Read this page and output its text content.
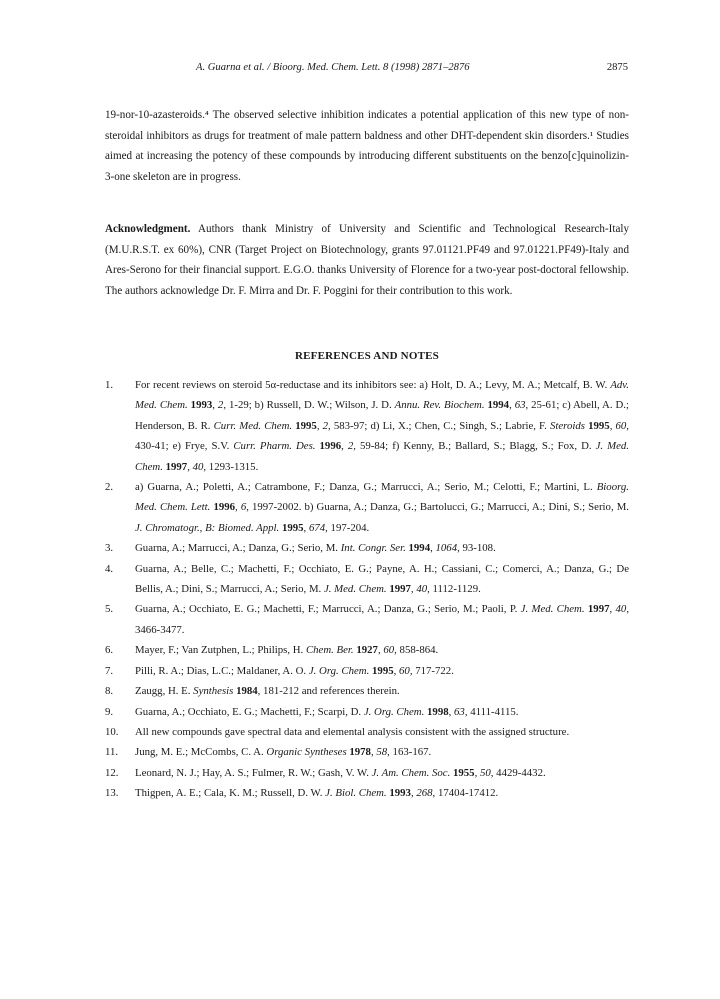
A. Guarna et al. / Bioorg. Med. Chem. Lett. 8 (1998) 2871–2876	2875

19-nor-10-azasteroids.⁴ The observed selective inhibition indicates a potential application of this new type of non-steroidal inhibitors as drugs for treatment of male pattern baldness and other DHT-dependent skin disorders.¹ Studies aimed at increasing the potency of these compounds by introducing different substituents on the benzo[c]quinolizin-3-one skeleton are in progress.

Acknowledgment. Authors thank Ministry of University and Scientific and Technological Research-Italy (M.U.R.S.T. ex 60%), CNR (Target Project on Biotechnology, grants 97.01121.PF49 and 97.01221.PF49)-Italy and Ares-Serono for their financial support. E.G.O. thanks University of Florence for a two-year post-doctoral fellowship. The authors acknowledge Dr. F. Mirra and Dr. F. Poggini for their contribution to this work.

REFERENCES AND NOTES
1.	For recent reviews on steroid 5α-reductase and its inhibitors see: a) Holt, D. A.; Levy, M. A.; Metcalf, B. W. Adv. Med. Chem. 1993, 2, 1-29; b) Russell, D. W.; Wilson, J. D. Annu. Rev. Biochem. 1994, 63, 25-61; c) Abell, A. D.; Henderson, B. R. Curr. Med. Chem. 1995, 2, 583-97; d) Li, X.; Chen, C.; Singh, S.; Labrie, F. Steroids 1995, 60, 430-41; e) Frye, S.V. Curr. Pharm. Des. 1996, 2, 59-84; f) Kenny, B.; Ballard, S.; Blagg, S.; Fox, D. J. Med. Chem. 1997, 40, 1293-1315.
2.	a) Guarna, A.; Poletti, A.; Catrambone, F.; Danza, G.; Marrucci, A.; Serio, M.; Celotti, F.; Martini, L. Bioorg. Med. Chem. Lett. 1996, 6, 1997-2002. b) Guarna, A.; Danza, G.; Bartolucci, G.; Marrucci, A.; Dini, S.; Serio, M. J. Chromatogr., B: Biomed. Appl. 1995, 674, 197-204.
3.	Guarna, A.; Marrucci, A.; Danza, G.; Serio, M. Int. Congr. Ser. 1994, 1064, 93-108.
4.	Guarna, A.; Belle, C.; Machetti, F.; Occhiato, E. G.; Payne, A. H.; Cassiani, C.; Comerci, A.; Danza, G.; De Bellis, A.; Dini, S.; Marrucci, A.; Serio, M. J. Med. Chem. 1997, 40, 1112-1129.
5.	Guarna, A.; Occhiato, E. G.; Machetti, F.; Marrucci, A.; Danza, G.; Serio, M.; Paoli, P. J. Med. Chem. 1997, 40, 3466-3477.
6.	Mayer, F.; Van Zutphen, L.; Philips, H. Chem. Ber. 1927, 60, 858-864.
7.	Pilli, R. A.; Dias, L.C.; Maldaner, A. O. J. Org. Chem. 1995, 60, 717-722.
8.	Zaugg, H. E. Synthesis 1984, 181-212 and references therein.
9.	Guarna, A.; Occhiato, E. G.; Machetti, F.; Scarpi, D. J. Org. Chem. 1998, 63, 4111-4115.
10.	All new compounds gave spectral data and elemental analysis consistent with the assigned structure.
11.	Jung, M. E.; McCombs, C. A. Organic Syntheses 1978, 58, 163-167.
12.	Leonard, N. J.; Hay, A. S.; Fulmer, R. W.; Gash, V. W. J. Am. Chem. Soc. 1955, 50, 4429-4432.
13.	Thigpen, A. E.; Cala, K. M.; Russell, D. W. J. Biol. Chem. 1993, 268, 17404-17412.
